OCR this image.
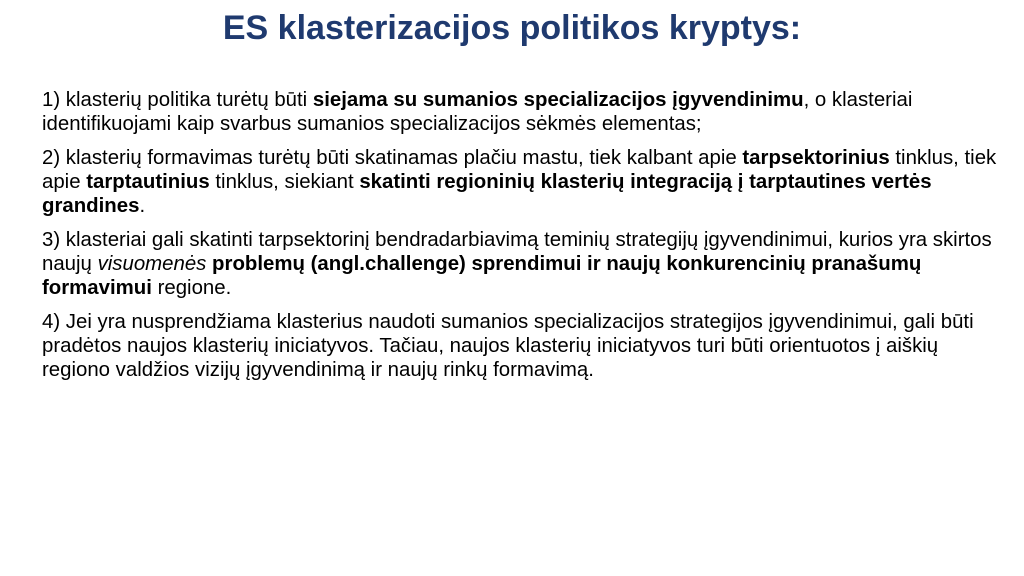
ES klasterizacijos politikos kryptys:

1) klasterių politika turėtų būti siejama su sumanios specializacijos įgyvendinimu, o klasteriai identifikuojami kaip svarbus sumanios specializacijos sėkmės elementas;

2) klasterių formavimas turėtų būti skatinamas plačiu mastu, tiek kalbant apie tarpsektorinius tinklus, tiek apie tarptautinius tinklus, siekiant skatinti regioninių klasterių integraciją į tarptautines vertės grandines.

3) klasteriai gali skatinti tarpsektorinį bendradarbiavimą teminių strategijų įgyvendinimui, kurios yra skirtos naujų visuomenės problemų (angl.challenge) sprendimui ir naujų konkurencinių pranašumų formavimui regione.

4) Jei yra nusprendžiama klasterius naudoti sumanios specializacijos strategijos įgyvendinimui, gali būti pradėtos naujos klasterių iniciatyvos. Tačiau, naujos klasterių iniciatyvos turi būti orientuotos į aiškių regiono valdžios vizijų įgyvendinimą ir naujų rinkų formavimą.
